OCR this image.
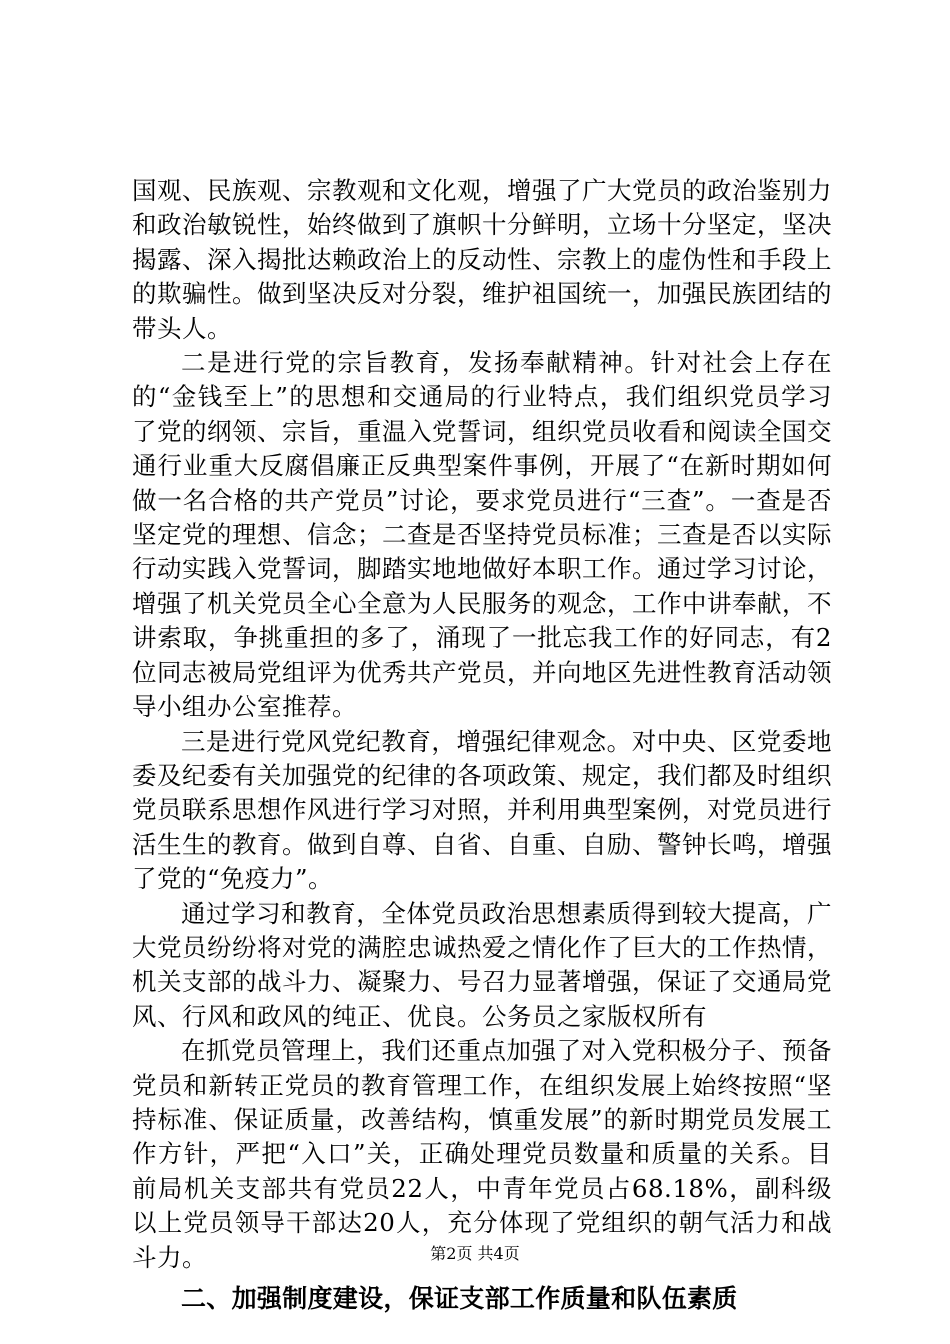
国观、民族观、宗教观和文化观，增强了广大党员的政治鉴别力和政治敏锐性，始终做到了旗帜十分鲜明，立场十分坚定，坚决揭露、深入揭批达赖政治上的反动性、宗教上的虚伪性和手段上的欺骗性。做到坚决反对分裂，维护祖国统一，加强民族团结的带头人。

二是进行党的宗旨教育，发扬奉献精神。针对社会上存在的“金钱至上”的思想和交通局的行业特点，我们组织党员学习了党的纲领、宗旨，重温入党誓词，组织党员收看和阅读全国交通行业重大反腐倡廉正反典型案件事例，开展了“在新时期如何做一名合格的共产党员”讨论，要求党员进行“三查”。一查是否坚定党的理想、信念；二查是否坚持党员标准；三查是否以实际行动实践入党誓词，脚踏实地地做好本职工作。通过学习讨论，增强了机关党员全心全意为人民服务的观念，工作中讲奉献，不讲索取，争挑重担的多了，涌现了一批忘我工作的好同志，有2位同志被局党组评为优秀共产党员，并向地区先进性教育活动领导小组办公室推荐。

三是进行党风党纪教育，增强纪律观念。对中央、区党委地委及纪委有关加强党的纪律的各项政策、规定，我们都及时组织党员联系思想作风进行学习对照，并利用典型案例，对党员进行活生生的教育。做到自尊、自省、自重、自励、警钟长鸣，增强了党的“免疫力”。

通过学习和教育，全体党员政治思想素质得到较大提高，广大党员纷纷将对党的满腔忠诚热爱之情化作了巨大的工作热情，机关支部的战斗力、凝聚力、号召力显著增强，保证了交通局党风、行风和政风的纯正、优良。公务员之家版权所有

在抓党员管理上，我们还重点加强了对入党积极分子、预备党员和新转正党员的教育管理工作，在组织发展上始终按照“坚持标准、保证质量，改善结构，慎重发展”的新时期党员发展工作方针，严把“入口”关，正确处理党员数量和质量的关系。目前局机关支部共有党员22人，中青年党员占68.18%，副科级以上党员领导干部达20人，充分体现了党组织的朝气活力和战斗力。

二、加强制度建设，保证支部工作质量和队伍素质
第2页 共4页
